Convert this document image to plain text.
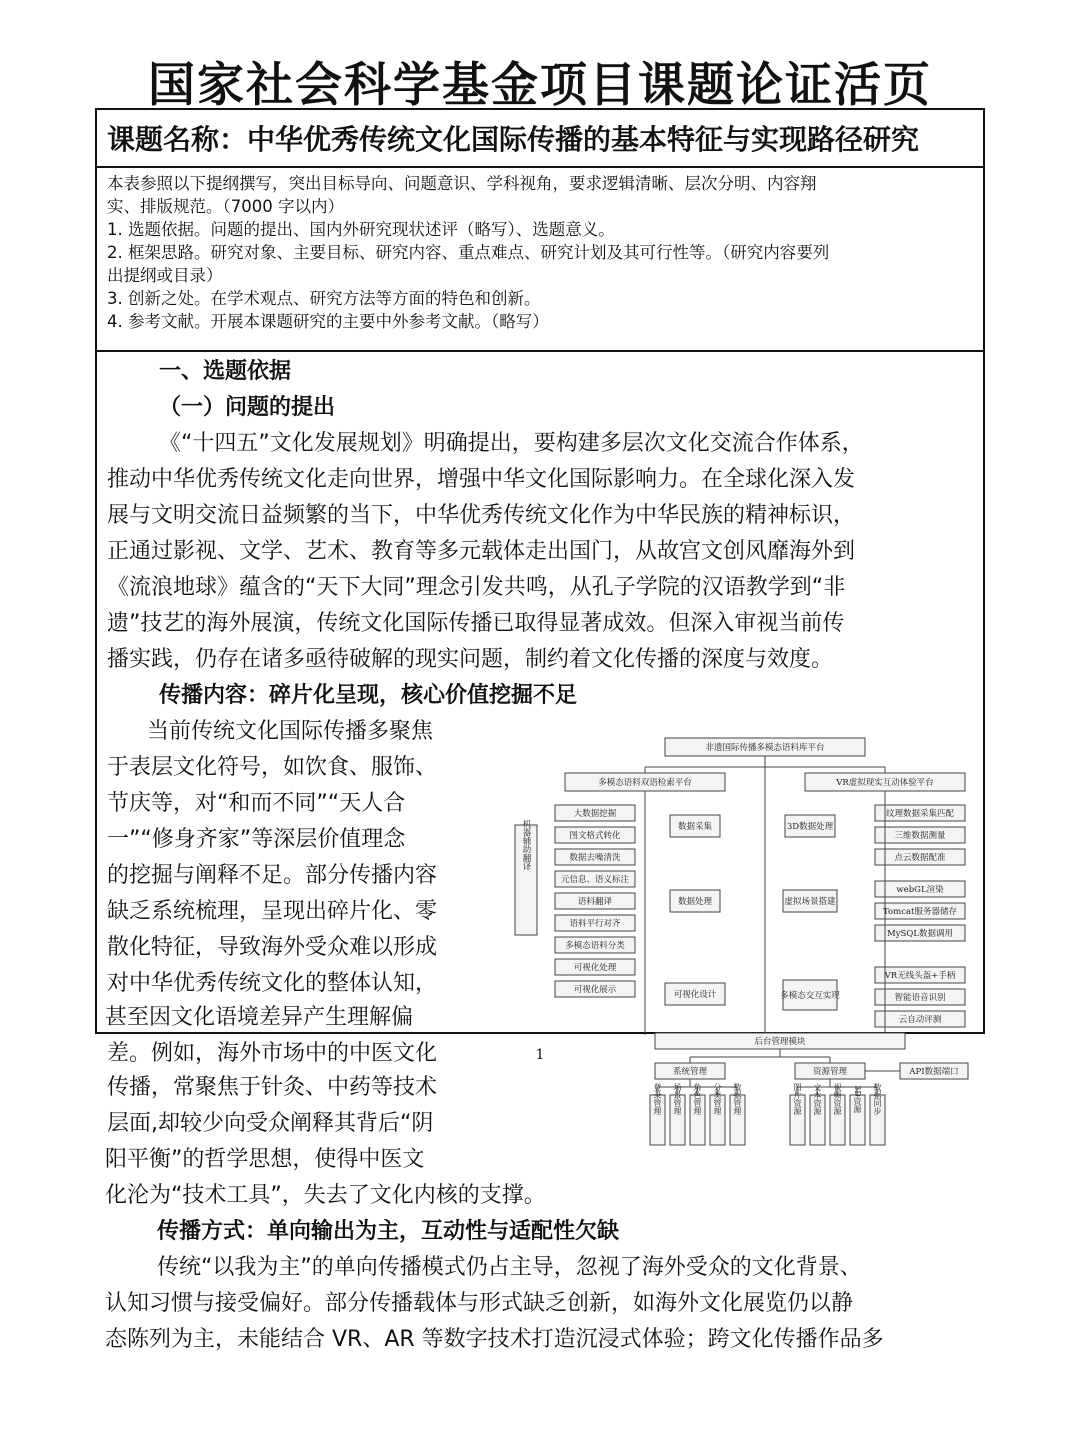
国家社会科学基金项目课题论证活页
课题名称：中华优秀传统文化国际传播的基本特征与实现路径研究

本表参照以下提纲撰写，突出目标导向、问题意识、学科视角，要求逻辑清晰、层次分明、内容翔

实、排版规范。（7000 字以内）

1. 选题依据。问题的提出、国内外研究现状述评（略写）、选题意义。

2. 框架思路。研究对象、主要目标、研究内容、重点难点、研究计划及其可行性等。（研究内容要列

出提纲或目录）

3. 创新之处。在学术观点、研究方法等方面的特色和创新。

4. 参考文献。开展本课题研究的主要中外参考文献。（略写）

一、选题依据
（一）问题的提出
《“十四五”文化发展规划》明确提出，要构建多层次文化交流合作体系，
推动中华优秀传统文化走向世界，增强中华文化国际影响力。在全球化深入发
展与文明交流日益频繁的当下，中华优秀传统文化作为中华民族的精神标识，
正通过影视、文学、艺术、教育等多元载体走出国门，从故宫文创风靡海外到
《流浪地球》蕴含的“天下大同”理念引发共鸣，从孔子学院的汉语教学到“非
遗”技艺的海外展演，传统文化国际传播已取得显著成效。但深入审视当前传
播实践，仍存在诸多亟待破解的现实问题，制约着文化传播的深度与效度。
传播内容：碎片化呈现，核心价值挖掘不足
当前传统文化国际传播多聚焦
于表层文化符号，如饮食、服饰、
节庆等，对“和而不同”“天人合
一”“修身齐家”等深层价值理念
的挖掘与阐释不足。部分传播内容
缺乏系统梳理，呈现出碎片化、零
散化特征，导致海外受众难以形成
对中华优秀传统文化的整体认知，
甚至因文化语境差异产生理解偏
差。例如，海外市场中的中医文化
传播，常聚焦于针灸、中药等技术
层面,却较少向受众阐释其背后“阴
非遗国际传播多模态语料库平台
多模态语料双语检索平台	VR虚拟现实互动体验平台
机器辅助翻译
大数据挖掘
图文格式转化
数据去噪清洗
元信息、语义标注
语料翻译
语料平行对齐
多模态语料分类
可视化处理
可视化展示
纹理数据采集匹配
三维数据测量
点云数据配准
webGL渲染
Tomcat服务器储存
MySQL数据调用
VR无线头盔+手柄
智能语音识别
云自动评测
数据采集
数据处理
可视化设计
3D数据处理
虚拟场景搭建
多模态交互实现
后台管理模块
系统管理	资源管理	API数据端口
登录管理 场景管理 角色管理 分类管理 数据管理	图片资源 文本资源 视频资源 3D资源 数据同步
1
阳平衡”的哲学思想，使得中医文
化沦为“技术工具”，失去了文化内核的支撑。
传播方式：单向输出为主，互动性与适配性欠缺
传统“以我为主”的单向传播模式仍占主导，忽视了海外受众的文化背景、
认知习惯与接受偏好。部分传播载体与形式缺乏创新，如海外文化展览仍以静
态陈列为主，未能结合 VR、AR 等数字技术打造沉浸式体验；跨文化传播作品多
